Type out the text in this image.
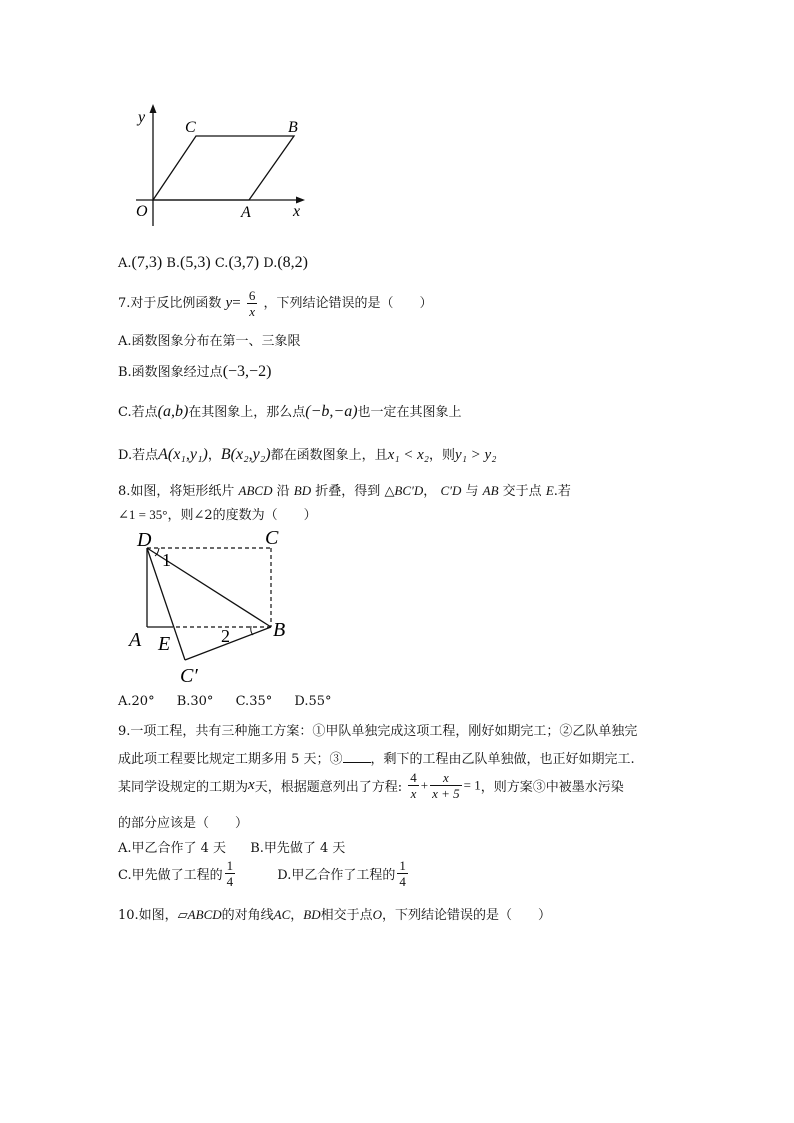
y
x
O	A
B
C
A.(7,3) B.(5,3) C.(3,7) D.(8,2)
7.对于反比例函数 $y= \frac{6}{x}$ ，下列结论错误的是（　　）
A.函数图象分布在第一、三象限
B.函数图象经过点(−3,−2)
C.若点(a,b)在其图象上，那么点(−b,−a)也一定在其图象上
D.若点A(x₁,y₁)，B(x₂,y₂)都在函数图象上，且x₁ < x₂，则y₁ > y₂
8.如图，将矩形纸片 ABCD 沿 BD 折叠，得到 △BC′D， C′D 与 AB 交于点 E.若
∠1 = 35°，则∠2的度数为（　　）
D	C
A E
B
C′
1
2
A.20° B.30° C.35° D.55°
9.一项工程，共有三种施工方案：①甲队单独完成这项工程，刚好如期完工；②乙队单独完
成此项工程要比规定工期多用 5 天；③ ，剩下的工程由乙队单独做，也正好如期完工.
某同学设规定的工期为x天，根据题意列出了方程: $\frac{4}{x} + \frac{x}{x + 5} = 1$，则方案③中被墨水污染
的部分应该是（　　）
A.甲乙合作了 4 天 B.甲先做了 4 天
C.甲先做了工程的 $\frac{1}{4}$	D.甲乙合作了工程的 $\frac{1}{4}$
10.如图，▱ABCD的对角线AC，BD相交于点O，下列结论错误的是（　　）
